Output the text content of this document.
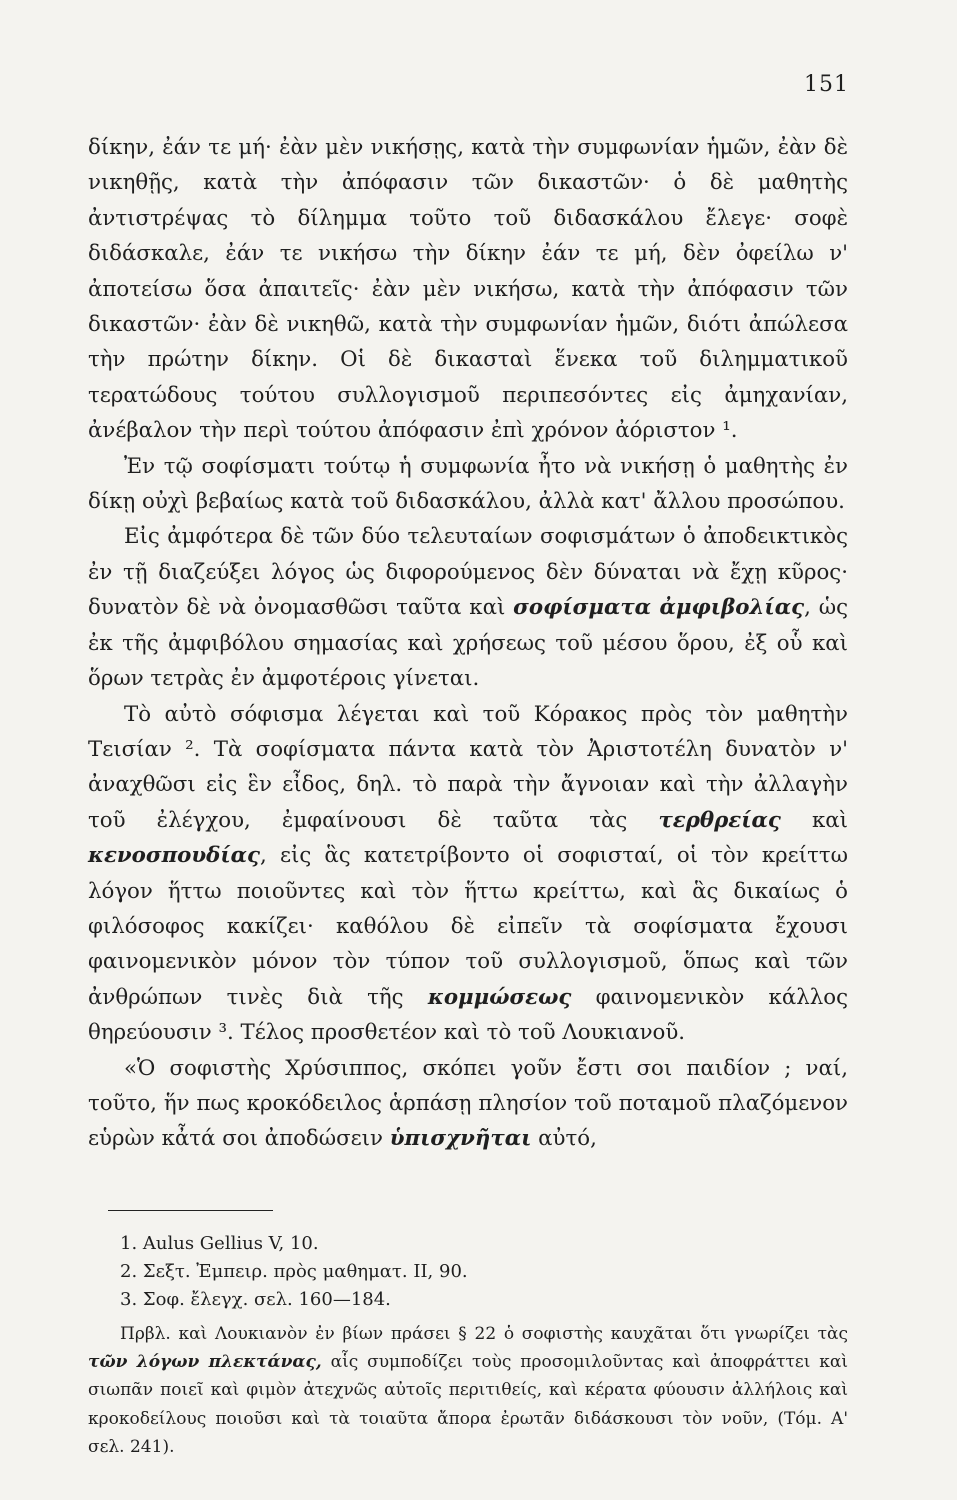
151

δίκην, ἐάν τε μή· ἐὰν μὲν νικήσῃς, κατὰ τὴν συμφωνίαν ἡμῶν, ἐὰν δὲ νικηθῇς, κατὰ τὴν ἀπόφασιν τῶν δικαστῶν· ὁ δὲ μαθητὴς ἀντιστρέψας τὸ δίλημμα τοῦτο τοῦ διδασκάλου ἔλεγε· σοφὲ διδάσκαλε, ἐάν τε νικήσω τὴν δίκην ἐάν τε μή, δὲν ὀφείλω ν' ἀποτείσω ὅσα ἀπαιτεῖς· ἐὰν μὲν νικήσω, κατὰ τὴν ἀπόφασιν τῶν δικαστῶν· ἐὰν δὲ νικηθῶ, κατὰ τὴν συμφωνίαν ἡμῶν, διότι ἀπώλεσα τὴν πρώτην δίκην. Οἱ δὲ δικασταὶ ἕνεκα τοῦ διλημματικοῦ τερατώδους τούτου συλλογισμοῦ περιπεσόντες εἰς ἀμηχανίαν, ἀνέβαλον τὴν περὶ τούτου ἀπόφασιν ἐπὶ χρόνον ἀόριστον ¹.

Ἐν τῷ σοφίσματι τούτῳ ἡ συμφωνία ἦτο νὰ νικήσῃ ὁ μαθητὴς ἐν δίκῃ οὐχὶ βεβαίως κατὰ τοῦ διδασκάλου, ἀλλὰ κατ' ἄλλου προσώπου.

Εἰς ἀμφότερα δὲ τῶν δύο τελευταίων σοφισμάτων ὁ ἀποδεικτικὸς ἐν τῇ διαζεύξει λόγος ὡς διφορούμενος δὲν δύναται νὰ ἔχῃ κῦρος· δυνατὸν δὲ νὰ ὀνομασθῶσι ταῦτα καὶ σοφίσματα ἀμφιβολίας, ὡς ἐκ τῆς ἀμφιβόλου σημασίας καὶ χρήσεως τοῦ μέσου ὅρου, ἐξ οὗ καὶ ὅρων τετρὰς ἐν ἀμφοτέροις γίνεται.

Τὸ αὐτὸ σόφισμα λέγεται καὶ τοῦ Κόρακος πρὸς τὸν μαθητὴν Τεισίαν ². Τὰ σοφίσματα πάντα κατὰ τὸν Ἀριστοτέλη δυνατὸν ν' ἀναχθῶσι εἰς ἓν εἶδος, δηλ. τὸ παρὰ τὴν ἄγνοιαν καὶ τὴν ἀλλαγὴν τοῦ ἐλέγχου, ἐμφαίνουσι δὲ ταῦτα τὰς τερθρείας καὶ κενοσπουδίας, εἰς ἃς κατετρίβοντο οἱ σοφισταί, οἱ τὸν κρείττω λόγον ἥττω ποιοῦντες καὶ τὸν ἥττω κρείττω, καὶ ἃς δικαίως ὁ φιλόσοφος κακίζει· καθόλου δὲ εἰπεῖν τὰ σοφίσματα ἔχουσι φαινομενικὸν μόνον τὸν τύπον τοῦ συλλογισμοῦ, ὅπως καὶ τῶν ἀνθρώπων τινὲς διὰ τῆς κομμώσεως φαινομενικὸν κάλλος θηρεύουσιν ³. Τέλος προσθετέον καὶ τὸ τοῦ Λουκιανοῦ.

«Ὁ σοφιστὴς Χρύσιππος, σκόπει γοῦν ἔστι σοι παιδίον ; ναί, τοῦτο, ἥν πως κροκόδειλος ἁρπάσῃ πλησίον τοῦ ποταμοῦ πλαζόμενον εὑρὼν κἆτά σοι ἀποδώσειν ὑπισχνῆται αὐτό,

1. Aulus Gellius V, 10.
2. Σεξτ. Ἐμπειρ. πρὸς μαθηματ. II, 90.
3. Σοφ. ἔλεγχ. σελ. 160—184.
Πρβλ. καὶ Λουκιανὸν ἐν βίων πράσει § 22 ὁ σοφιστὴς καυχᾶται ὅτι γνωρίζει τὰς τῶν λόγων πλεκτάνας, αἷς συμποδίζει τοὺς προσομιλοῦντας καὶ ἀποφράττει καὶ σιωπᾶν ποιεῖ καὶ φιμὸν ἀτεχνῶς αὐτοῖς περιτιθείς, καὶ κέρατα φύουσιν ἀλλήλοις καὶ κροκοδείλους ποιοῦσι καὶ τὰ τοιαῦτα ἄπορα ἐρωτᾶν διδάσκουσι τὸν νοῦν, (Τόμ. Α' σελ. 241).
